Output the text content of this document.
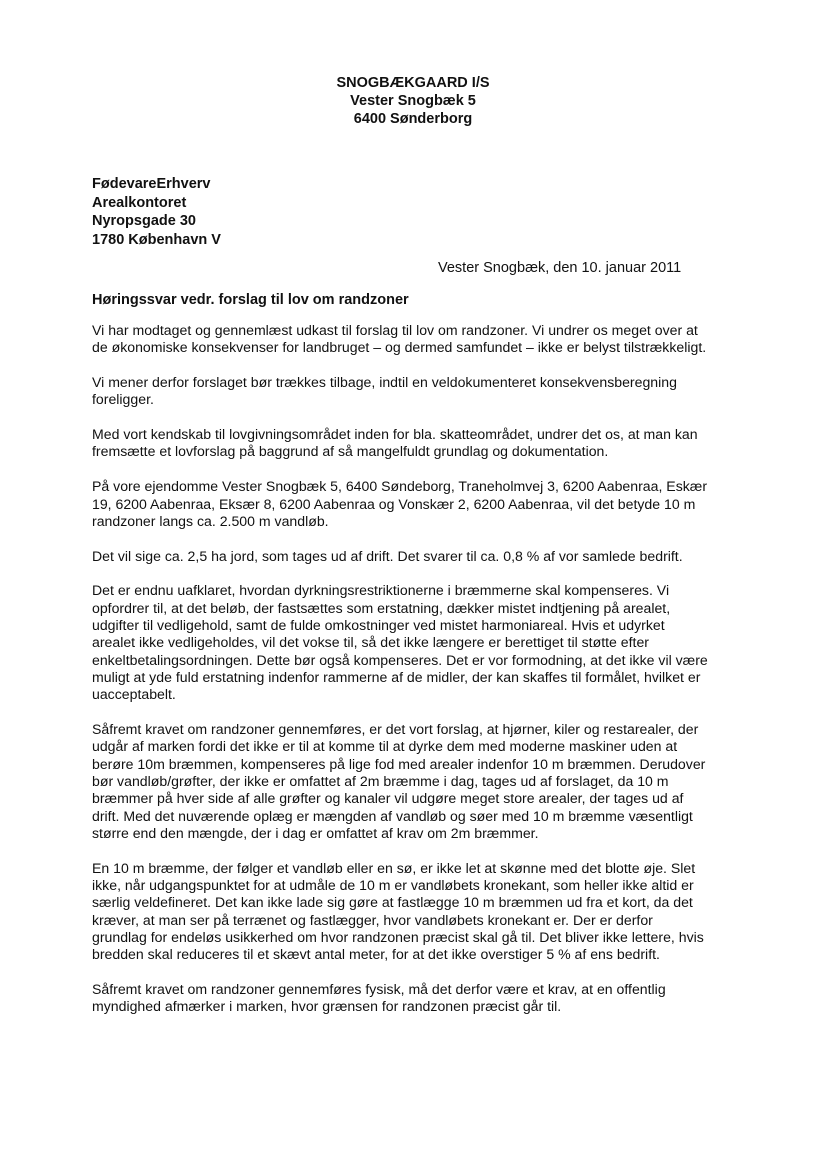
SNOGBÆKGAARD I/S
Vester Snogbæk 5
6400 Sønderborg
FødevareErhverv
Arealkontoret
Nyropsgade 30
1780 København V
Vester Snogbæk, den 10. januar 2011
Høringssvar vedr. forslag til lov om randzoner

Vi har modtaget og gennemlæst udkast til forslag til lov om randzoner. Vi undrer os meget over at
de økonomiske konsekvenser for landbruget – og dermed samfundet – ikke er belyst tilstrækkeligt.

Vi mener derfor forslaget bør trækkes tilbage, indtil en veldokumenteret konsekvensberegning
foreligger.

Med vort kendskab til lovgivningsområdet inden for bla. skatteområdet, undrer det os, at man kan
fremsætte et lovforslag på baggrund af så mangelfuldt grundlag og dokumentation.

På vore ejendomme Vester Snogbæk 5, 6400 Søndeborg, Traneholmvej 3, 6200 Aabenraa, Eskær
19, 6200 Aabenraa, Eksær 8, 6200 Aabenraa og Vonskær 2, 6200 Aabenraa, vil det betyde 10 m
randzoner langs ca. 2.500 m vandløb.

Det vil sige ca. 2,5 ha jord, som tages ud af drift. Det svarer til ca. 0,8 % af vor samlede bedrift.

Det er endnu uafklaret, hvordan dyrkningsrestriktionerne i bræmmerne skal kompenseres. Vi
opfordrer til, at det beløb, der fastsættes som erstatning, dækker mistet indtjening på arealet,
udgifter til vedligehold, samt de fulde omkostninger ved mistet harmoniareal. Hvis et udyrket
arealet ikke vedligeholdes, vil det vokse til, så det ikke længere er berettiget til støtte efter
enkeltbetalingsordningen. Dette bør også kompenseres. Det er vor formodning, at det ikke vil være
muligt at yde fuld erstatning indenfor rammerne af de midler, der kan skaffes til formålet, hvilket er
uacceptabelt.

Såfremt kravet om randzoner gennemføres, er det vort forslag, at hjørner, kiler og restarealer, der
udgår af marken fordi det ikke er til at komme til at dyrke dem med moderne maskiner uden at
berøre 10m bræmmen, kompenseres på lige fod med arealer indenfor 10 m bræmmen. Derudover
bør vandløb/grøfter, der ikke er omfattet af 2m bræmme i dag, tages ud af forslaget, da 10 m
bræmmer på hver side af alle grøfter og kanaler vil udgøre meget store arealer, der tages ud af
drift. Med det nuværende oplæg er mængden af vandløb og søer med 10 m bræmme væsentligt
større end den mængde, der i dag er omfattet af krav om 2m bræmmer.

En 10 m bræmme, der følger et vandløb eller en sø, er ikke let at skønne med det blotte øje. Slet
ikke, når udgangspunktet for at udmåle de 10 m er vandløbets kronekant, som heller ikke altid er
særlig veldefineret. Det kan ikke lade sig gøre at fastlægge 10 m bræmmen ud fra et kort, da det
kræver, at man ser på terrænet og fastlægger, hvor vandløbets kronekant er. Der er derfor
grundlag for endeløs usikkerhed om hvor randzonen præcist skal gå til. Det bliver ikke lettere, hvis
bredden skal reduceres til et skævt antal meter, for at det ikke overstiger 5 % af ens bedrift.

Såfremt kravet om randzoner gennemføres fysisk, må det derfor være et krav, at en offentlig
myndighed afmærker i marken, hvor grænsen for randzonen præcist går til.
